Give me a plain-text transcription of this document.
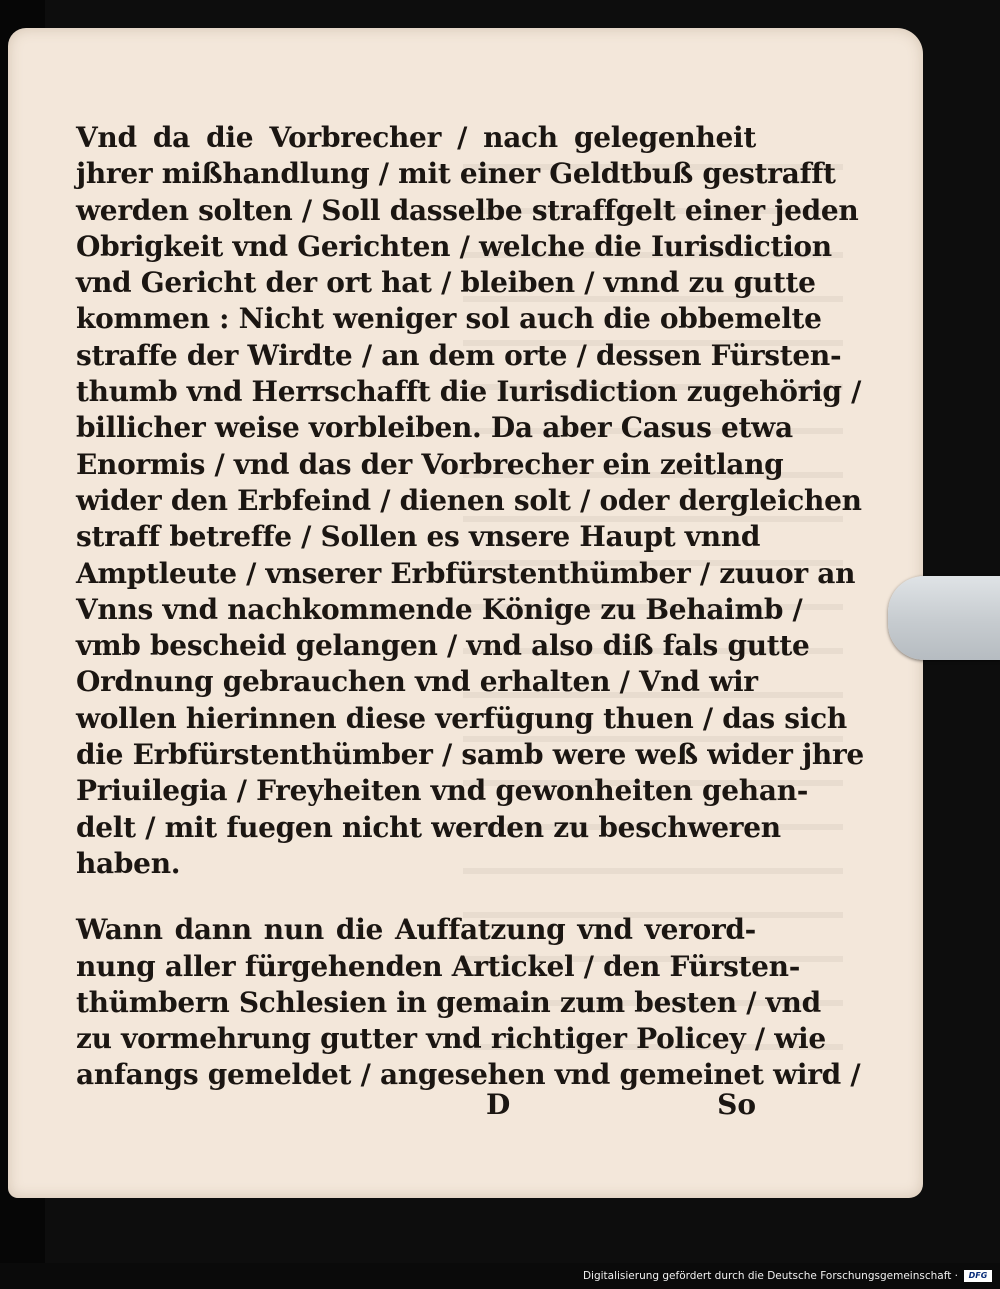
Vnd da die Vorbrecher / nach gelegenheit
jhrer mißhandlung / mit einer Geldtbuß gestrafft
werden solten / Soll dasselbe straffgelt einer jeden
Obrigkeit vnd Gerichten / welche die Iurisdiction
vnd Gericht der ort hat / bleiben / vnnd zu gutte
kommen : Nicht weniger sol auch die obbemelte
straffe der Wirdte / an dem orte / dessen Fürsten-
thumb vnd Herrschafft die Iurisdiction zugehörig /
billicher weise vorbleiben. Da aber Casus etwa
Enormis / vnd das der Vorbrecher ein zeitlang
wider den Erbfeind / dienen solt / oder dergleichen
straff betreffe / Sollen es vnsere Haupt vnnd
Amptleute / vnserer Erbfürstenthümber / zuuor an
Vnns vnd nachkommende Könige zu Behaimb /
vmb bescheid gelangen / vnd also diß fals gutte
Ordnung gebrauchen vnd erhalten / Vnd wir
wollen hierinnen diese verfügung thuen / das sich
die Erbfürstenthümber / samb were weß wider jhre
Priuilegia / Freyheiten vnd gewonheiten gehan-
delt / mit fuegen nicht werden zu beschweren
haben.
Wann dann nun die Auffatzung vnd verord-
nung aller fürgehenden Artickel / den Fürsten-
thümbern Schlesien in gemain zum besten / vnd
zu vormehrung gutter vnd richtiger Policey / wie
anfangs gemeldet / angesehen vnd gemeinet wird /
D	So
Digitalisierung gefördert durch die Deutsche Forschungsgemeinschaft ·	DFG
